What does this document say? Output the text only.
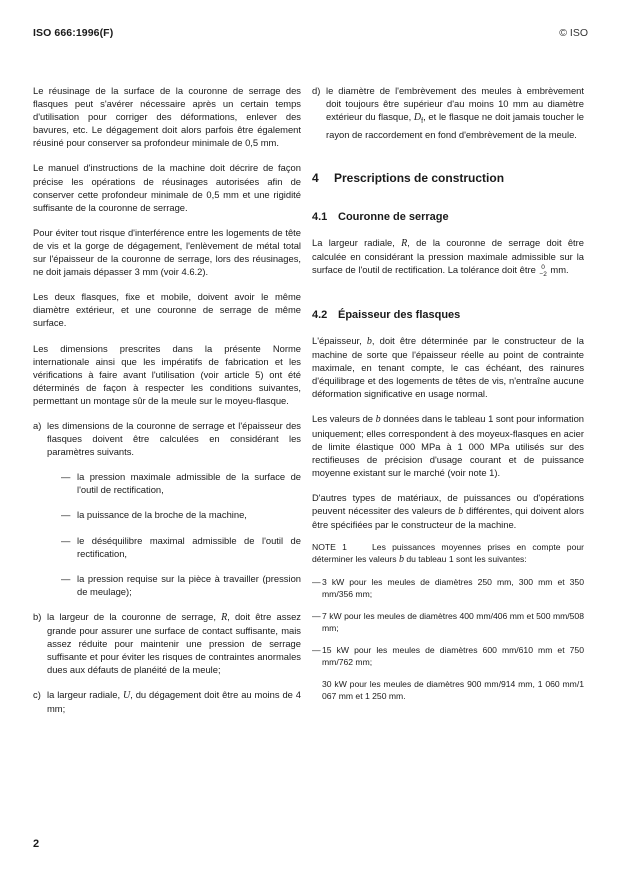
ISO 666:1996(F)	© ISO

Le réusinage de la surface de la couronne de serrage des flasques peut s'avérer nécessaire après un certain temps d'utilisation pour corriger des déformations, enlever des bavures, etc. Le dégagement doit alors parfois être également réusiné pour conserver sa profondeur minimale de 0,5 mm.

Le manuel d'instructions de la machine doit décrire de façon précise les opérations de réusinages autorisées afin de conserver cette profondeur minimale de 0,5 mm et une rigidité suffisante de la couronne de serrage.

Pour éviter tout risque d'interférence entre les logements de tête de vis et la gorge de dégagement, l'enlèvement de métal total sur l'épaisseur de la couronne de serrage, lors des réusinages, ne doit jamais dépasser 3 mm (voir 4.6.2).

Les deux flasques, fixe et mobile, doivent avoir le même diamètre extérieur, et une couronne de serrage de même surface.

Les dimensions prescrites dans la présente Norme internationale ainsi que les impératifs de fabrication et les vérifications à faire avant l'utilisation (voir article 5) ont été déterminés de façon à respecter les conditions suivantes, permettant un montage sûr de la meule sur le moyeu-flasque.

a) les dimensions de la couronne de serrage et l'épaisseur des flasques doivent être calculées en considérant les paramètres suivants.
— la pression maximale admissible de la surface de l'outil de rectification,
— la puissance de la broche de la machine,
— le déséquilibre maximal admissible de l'outil de rectification,
— la pression requise sur la pièce à travailler (pression de meulage);
b) la largeur de la couronne de serrage, R, doit être assez grande pour assurer une surface de contact suffisante, mais assez réduite pour maintenir une pression de serrage suffisante et pour éviter les risques de contraintes anormales dues aux défauts de planéité de la meule;
c) la largeur radiale, U, du dégagement doit être au moins de 4 mm;
d) le diamètre de l'embrèvement des meules à embrèvement doit toujours être supérieur d'au moins 10 mm au diamètre extérieur du flasque, $D_f$, et le flasque ne doit jamais toucher le rayon de raccordement en fond d'embrèvement de la meule.
4 Prescriptions de construction
4.1 Couronne de serrage

La largeur radiale, R, de la couronne de serrage doit être calculée en considérant la pression maximale admissible sur la surface de l'outil de rectification. La tolérance doit être 0
−2 mm.

4.2 Épaisseur des flasques

L'épaisseur, b, doit être déterminée par le constructeur de la machine de sorte que l'épaisseur réelle au point de contrainte maximale, en tenant compte, le cas échéant, des rainures d'équilibrage et des logements de têtes de vis, n'entraîne aucune déformation significative en usage normal.

Les valeurs de b données dans le tableau 1 sont pour information uniquement; elles correspondent à des moyeux-flasques en acier de limite élastique 000 MPa à 1 000 MPa utilisés sur des rectifieuses de précision d'usage courant et de puissance moyenne existant sur le marché (voir note 1).

D'autres types de matériaux, de puissances ou d'opérations peuvent nécessiter des valeurs de b différentes, qui doivent alors être spécifiées par le constructeur de la machine.

NOTE 1    Les puissances moyennes prises en compte pour déterminer les valeurs b du tableau 1 sont les suivantes:

— 3 kW pour les meules de diamètres 250 mm, 300 mm et 350 mm/356 mm;
— 7 kW pour les meules de diamètres 400 mm/406 mm et 500 mm/508 mm;
— 15 kW pour les meules de diamètres 600 mm/610 mm et 750 mm/762 mm;
30 kW pour les meules de diamètres 900 mm/914 mm, 1 060 mm/1 067 mm et 1 250 mm.
2
